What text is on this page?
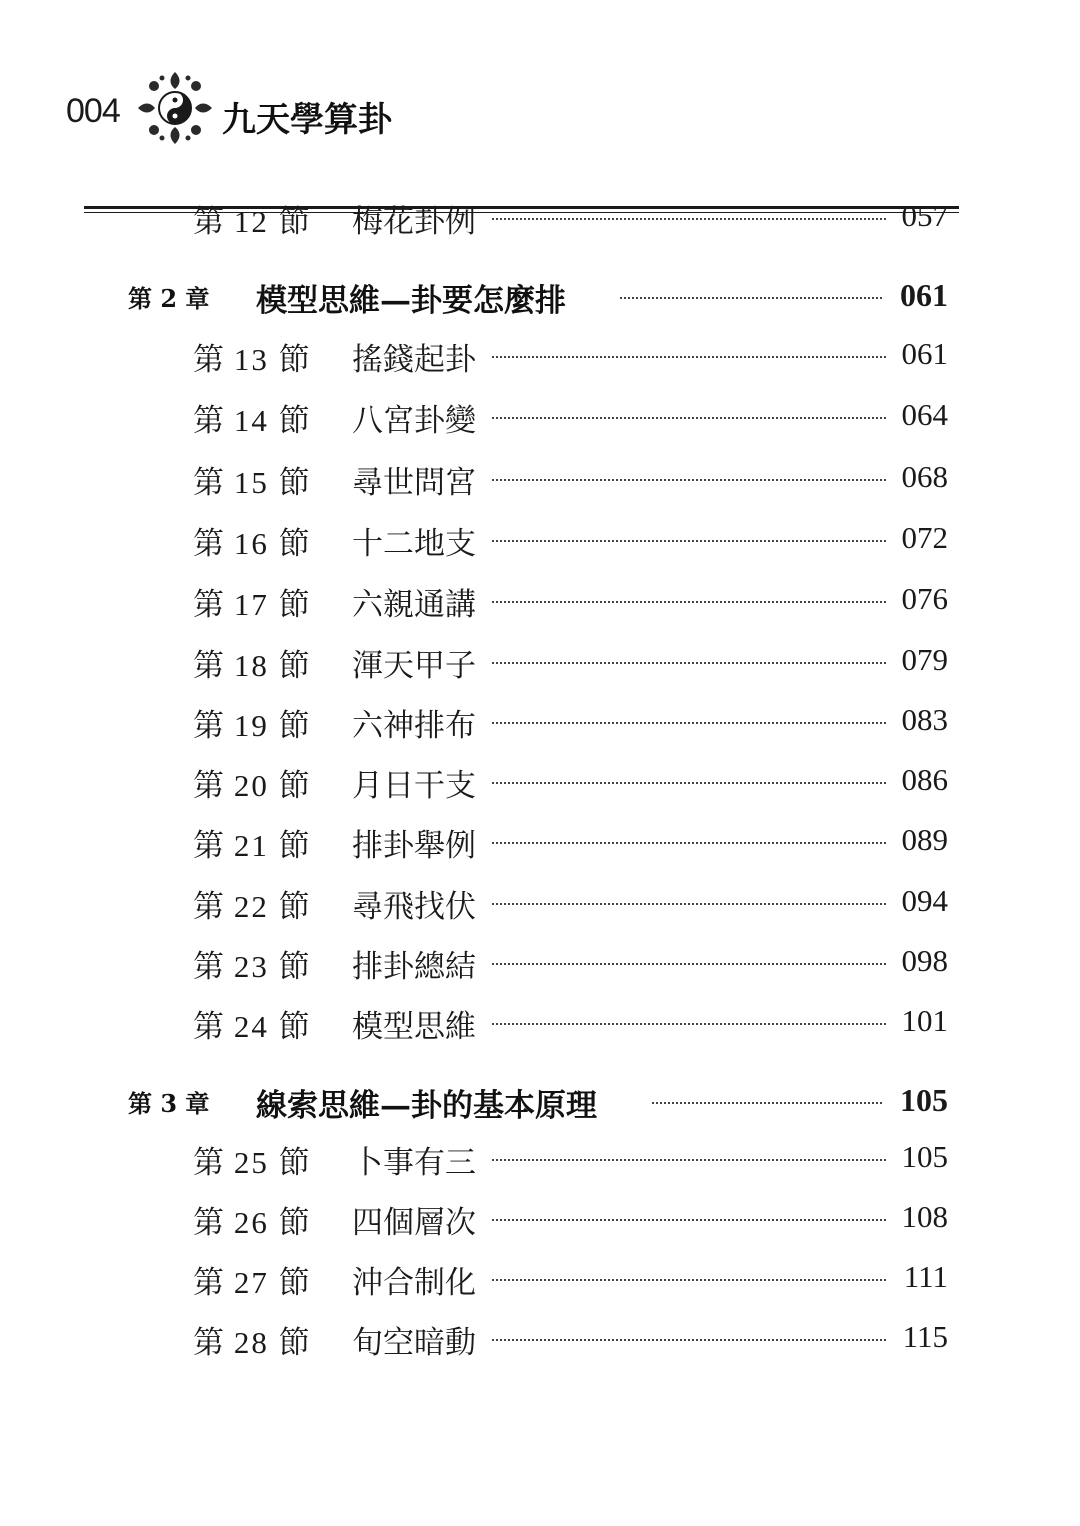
004	九天學算卦
第 12 節 梅花卦例	057
第 2 章 模型思維—卦要怎麼排	061
第 13 節 搖錢起卦	061
第 14 節 八宮卦變	064
第 15 節 尋世問宮	068
第 16 節 十二地支	072
第 17 節 六親通講	076
第 18 節 渾天甲子	079
第 19 節 六神排布	083
第 20 節 月日干支	086
第 21 節 排卦舉例	089
第 22 節 尋飛找伏	094
第 23 節 排卦總結	098
第 24 節 模型思維	101
第 3 章 線索思維—卦的基本原理	105
第 25 節 卜事有三	105
第 26 節 四個層次	108
第 27 節 沖合制化	111
第 28 節 旬空暗動	115
